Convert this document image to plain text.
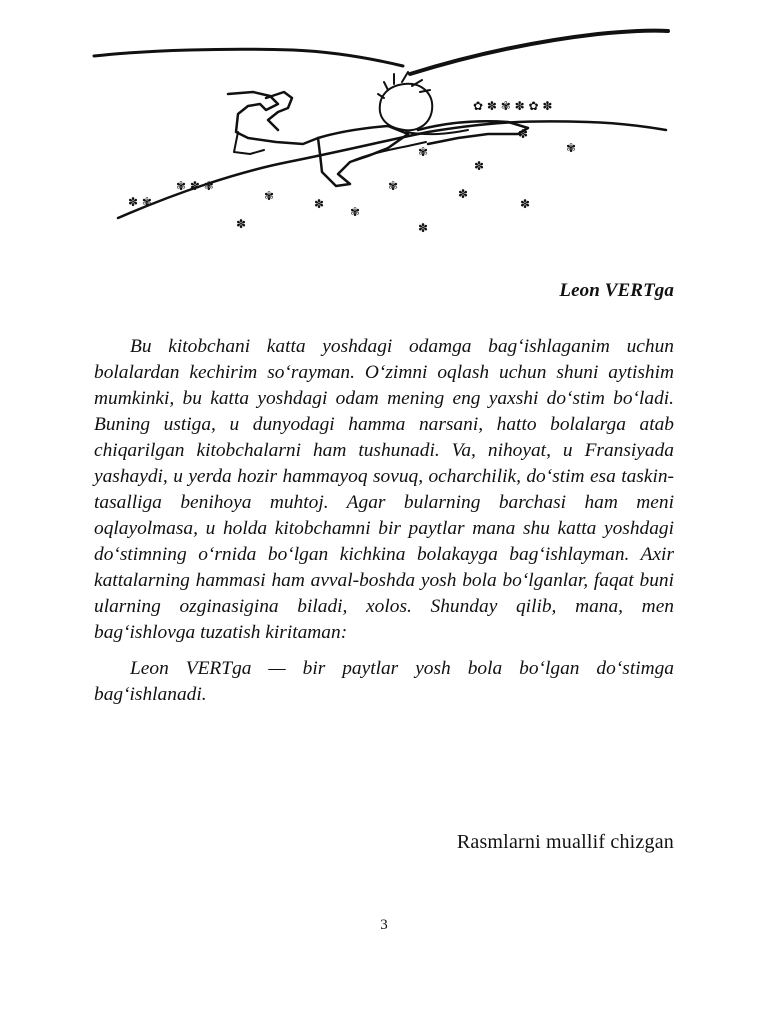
✿ ✽ ✾ ✽ ✿ ✽
✽
✾
✾
✽
✾
✽
✽
✾
✽
✾
✽	✽
✾ ✽ ✾
✽ ✾
Leon VERTga

Bu kitobchani katta yoshdagi odamga bag‘ishlaganim uchun bolalardan kechirim so‘rayman. O‘zimni oqlash uchun shuni aytishim mumkinki, bu katta yoshdagi odam mening eng yaxshi do‘stim bo‘ladi. Buning ustiga, u dunyodagi hamma narsani, hatto bolalarga atab chiqarilgan kitobchalarni ham tushunadi. Va, nihoyat, u Fransiyada yashaydi, u yerda hozir hammayoq sovuq, ocharchilik, do‘stim esa taskin-tasalliga benihoya muhtoj. Agar bularning barchasi ham meni oqlayolmasa, u holda kitobchamni bir paytlar mana shu katta yoshdagi do‘stimning o‘rnida bo‘lgan kichkina bolakayga bag‘ishlayman. Axir kattalarning hammasi ham avval-boshda yosh bola bo‘lganlar, faqat buni ularning ozginasigina biladi, xolos. Shunday qilib, mana, men bag‘ishlovga tuzatish kiritaman:

Leon VERTga — bir paytlar yosh bola bo‘lgan do‘stimga bag‘ishlanadi.

Rasmlarni muallif chizgan

3
